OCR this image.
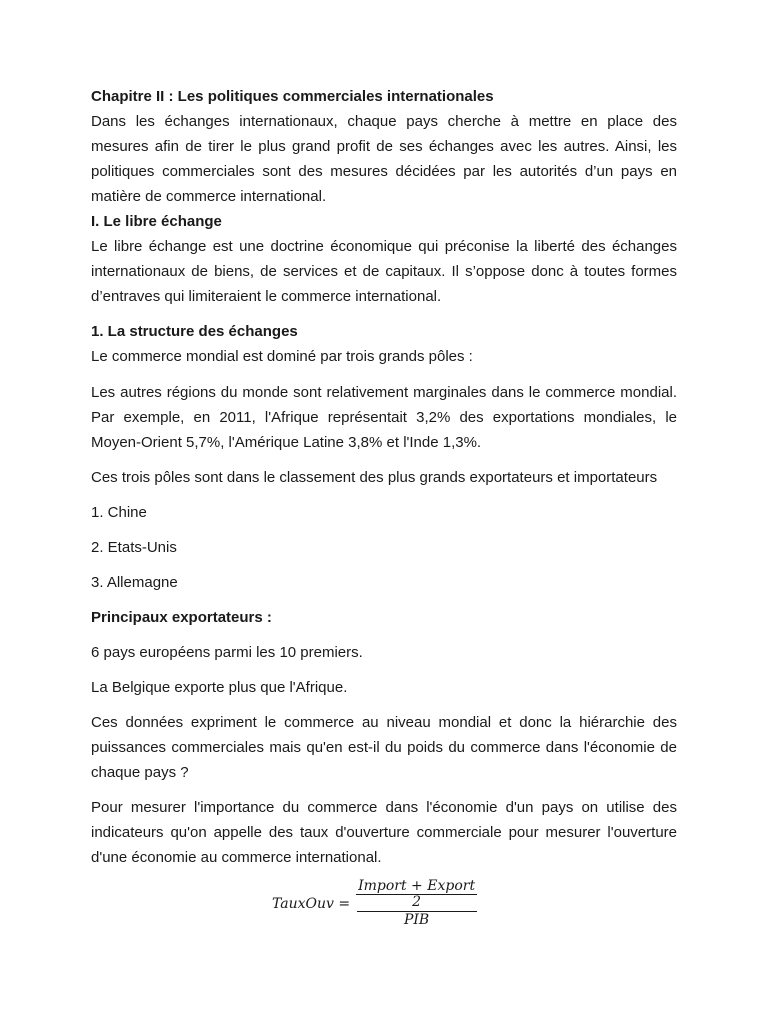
Chapitre II : Les politiques commerciales internationales

Dans les échanges internationaux, chaque pays cherche à mettre en place des mesures afin de tirer le plus grand profit de ses échanges avec les autres. Ainsi, les politiques commerciales sont des mesures décidées par les autorités d’un pays en matière de commerce international.

I. Le libre échange

Le libre échange est une doctrine économique qui préconise la liberté des échanges internationaux de biens, de services et de capitaux. Il s’oppose donc à toutes formes d’entraves qui limiteraient le commerce international.

1. La structure des échanges

Le commerce mondial est dominé par trois grands pôles :

Les autres régions du monde sont relativement marginales dans le commerce mondial. Par exemple, en 2011, l'Afrique représentait 3,2% des exportations mondiales, le Moyen-Orient 5,7%, l'Amérique Latine 3,8% et l'Inde 1,3%.

Ces trois pôles sont dans le classement des plus grands exportateurs et importateurs

1. Chine

2. Etats-Unis

3. Allemagne

Principaux exportateurs :

6 pays européens parmi les 10 premiers.

La Belgique exporte plus que l'Afrique.

Ces données expriment le commerce au niveau mondial et donc la hiérarchie des puissances commerciales mais qu'en est-il du poids du commerce dans l'économie de chaque pays ?

Pour mesurer l'importance du commerce dans l'économie d'un pays on utilise des indicateurs qu'on appelle des taux d'ouverture commerciale pour mesurer l'ouverture d'une économie au commerce international.

TauxOuv = Import + Export
2
PIB
